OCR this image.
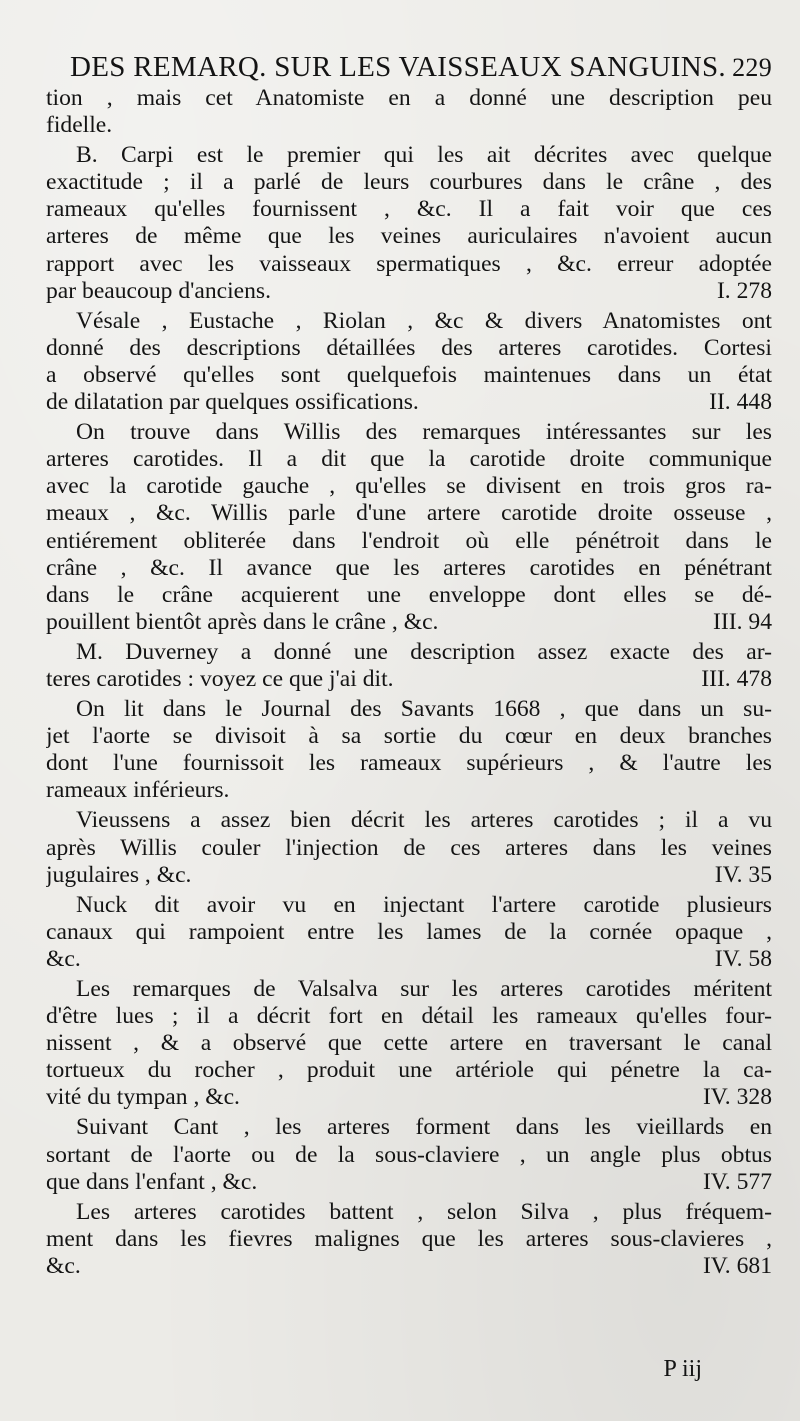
DES REMARQ. SUR LES VAISSEAUX SANGUINS. 229
tion , mais cet Anatomiste en a donné une description peu
fidelle.
B. Carpi est le premier qui les ait décrites avec quelque
exactitude ; il a parlé de leurs courbures dans le crâne , des
rameaux qu'elles fournissent , &c. Il a fait voir que ces
arteres de même que les veines auriculaires n'avoient aucun
rapport avec les vaisseaux spermatiques , &c. erreur adoptée
par beaucoup d'anciens.	I. 278
Vésale , Eustache , Riolan , &c & divers Anatomistes ont
donné des descriptions détaillées des arteres carotides. Cortesi
a observé qu'elles sont quelquefois maintenues dans un état
de dilatation par quelques ossifications.	II. 448
On trouve dans Willis des remarques intéressantes sur les
arteres carotides. Il a dit que la carotide droite communique
avec la carotide gauche , qu'elles se divisent en trois gros ra-
meaux , &c. Willis parle d'une artere carotide droite osseuse ,
entiérement obliterée dans l'endroit où elle pénétroit dans le
crâne , &c. Il avance que les arteres carotides en pénétrant
dans le crâne acquierent une enveloppe dont elles se dé-
pouillent bientôt après dans le crâne , &c.	III. 94
M. Duverney a donné une description assez exacte des ar-
teres carotides : voyez ce que j'ai dit.	III. 478
On lit dans le Journal des Savants 1668 , que dans un su-
jet l'aorte se divisoit à sa sortie du cœur en deux branches
dont l'une fournissoit les rameaux supérieurs , & l'autre les
rameaux inférieurs.
Vieussens a assez bien décrit les arteres carotides ; il a vu
après Willis couler l'injection de ces arteres dans les veines
jugulaires , &c.	IV. 35
Nuck dit avoir vu en injectant l'artere carotide plusieurs
canaux qui rampoient entre les lames de la cornée opaque ,
&c.	IV. 58
Les remarques de Valsalva sur les arteres carotides méritent
d'être lues ; il a décrit fort en détail les rameaux qu'elles four-
nissent , & a observé que cette artere en traversant le canal
tortueux du rocher , produit une artériole qui pénetre la ca-
vité du tympan , &c.	IV. 328
Suivant Cant , les arteres forment dans les vieillards en
sortant de l'aorte ou de la sous-claviere , un angle plus obtus
que dans l'enfant , &c.	IV. 577
Les arteres carotides battent , selon Silva , plus fréquem-
ment dans les fievres malignes que les arteres sous-clavieres ,
&c.	IV. 681
P iij
